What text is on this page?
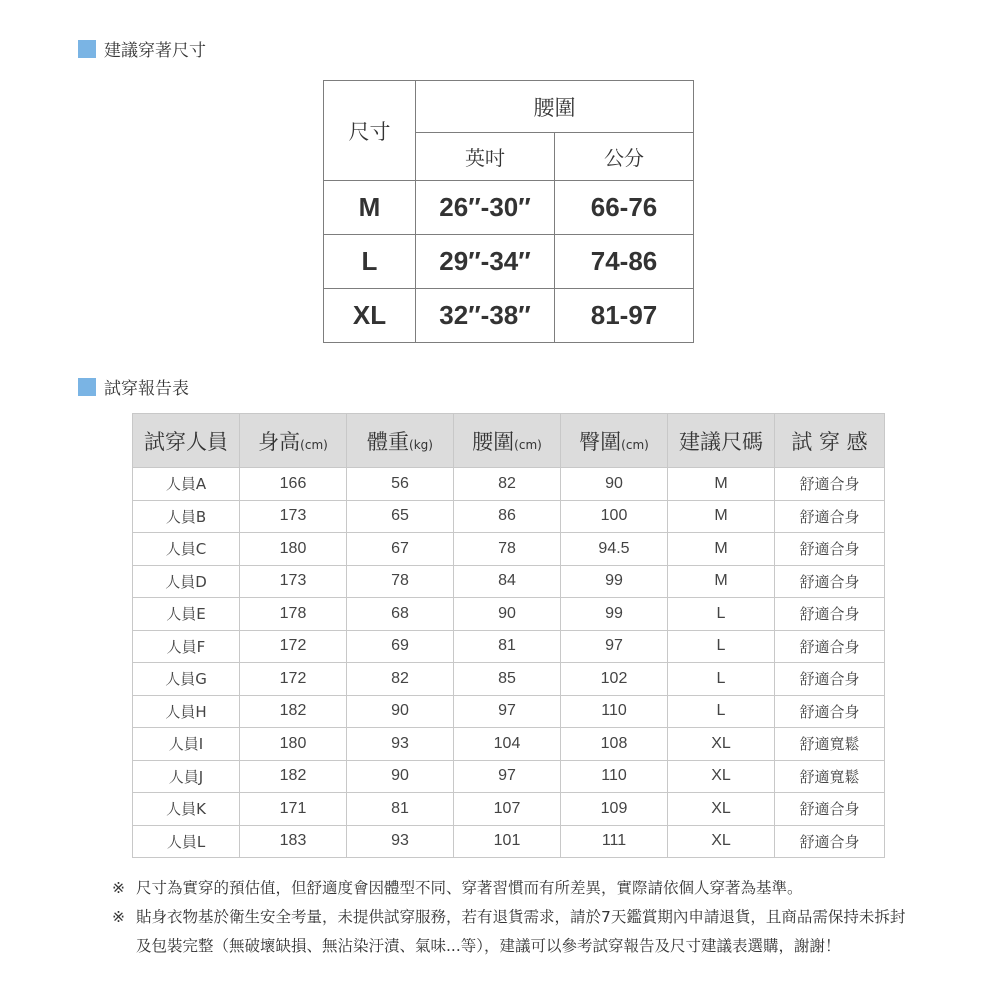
建議穿著尺寸
尺寸	腰圍	
	英吋	公分
M	26″-30″	66-76
L	29″-34″	74-86
XL	32″-38″	81-97
試穿報告表
試穿人員	身高(cm)	體重(kg)	腰圍(cm)	臀圍(cm)	建議尺碼	試 穿 感
人員A	166	56	82	90	M	舒適合身
人員B	173	65	86	100	M	舒適合身
人員C	180	67	78	94.5	M	舒適合身
人員D	173	78	84	99	M	舒適合身
人員E	178	68	90	99	L	舒適合身
人員F	172	69	81	97	L	舒適合身
人員G	172	82	85	102	L	舒適合身
人員H	182	90	97	110	L	舒適合身
人員I	180	93	104	108	XL	舒適寬鬆
人員J	182	90	97	110	XL	舒適寬鬆
人員K	171	81	107	109	XL	舒適合身
人員L	183	93	101	111	XL	舒適合身
※ 尺寸為實穿的預估值，但舒適度會因體型不同、穿著習慣而有所差異，實際請依個人穿著為基準。
※ 貼身衣物基於衛生安全考量，未提供試穿服務，若有退貨需求，請於7天鑑賞期內申請退貨，且商品需保持未拆封及包裝完整（無破壞缺損、無沾染汙漬、氣味...等），建議可以參考試穿報告及尺寸建議表選購，謝謝！
